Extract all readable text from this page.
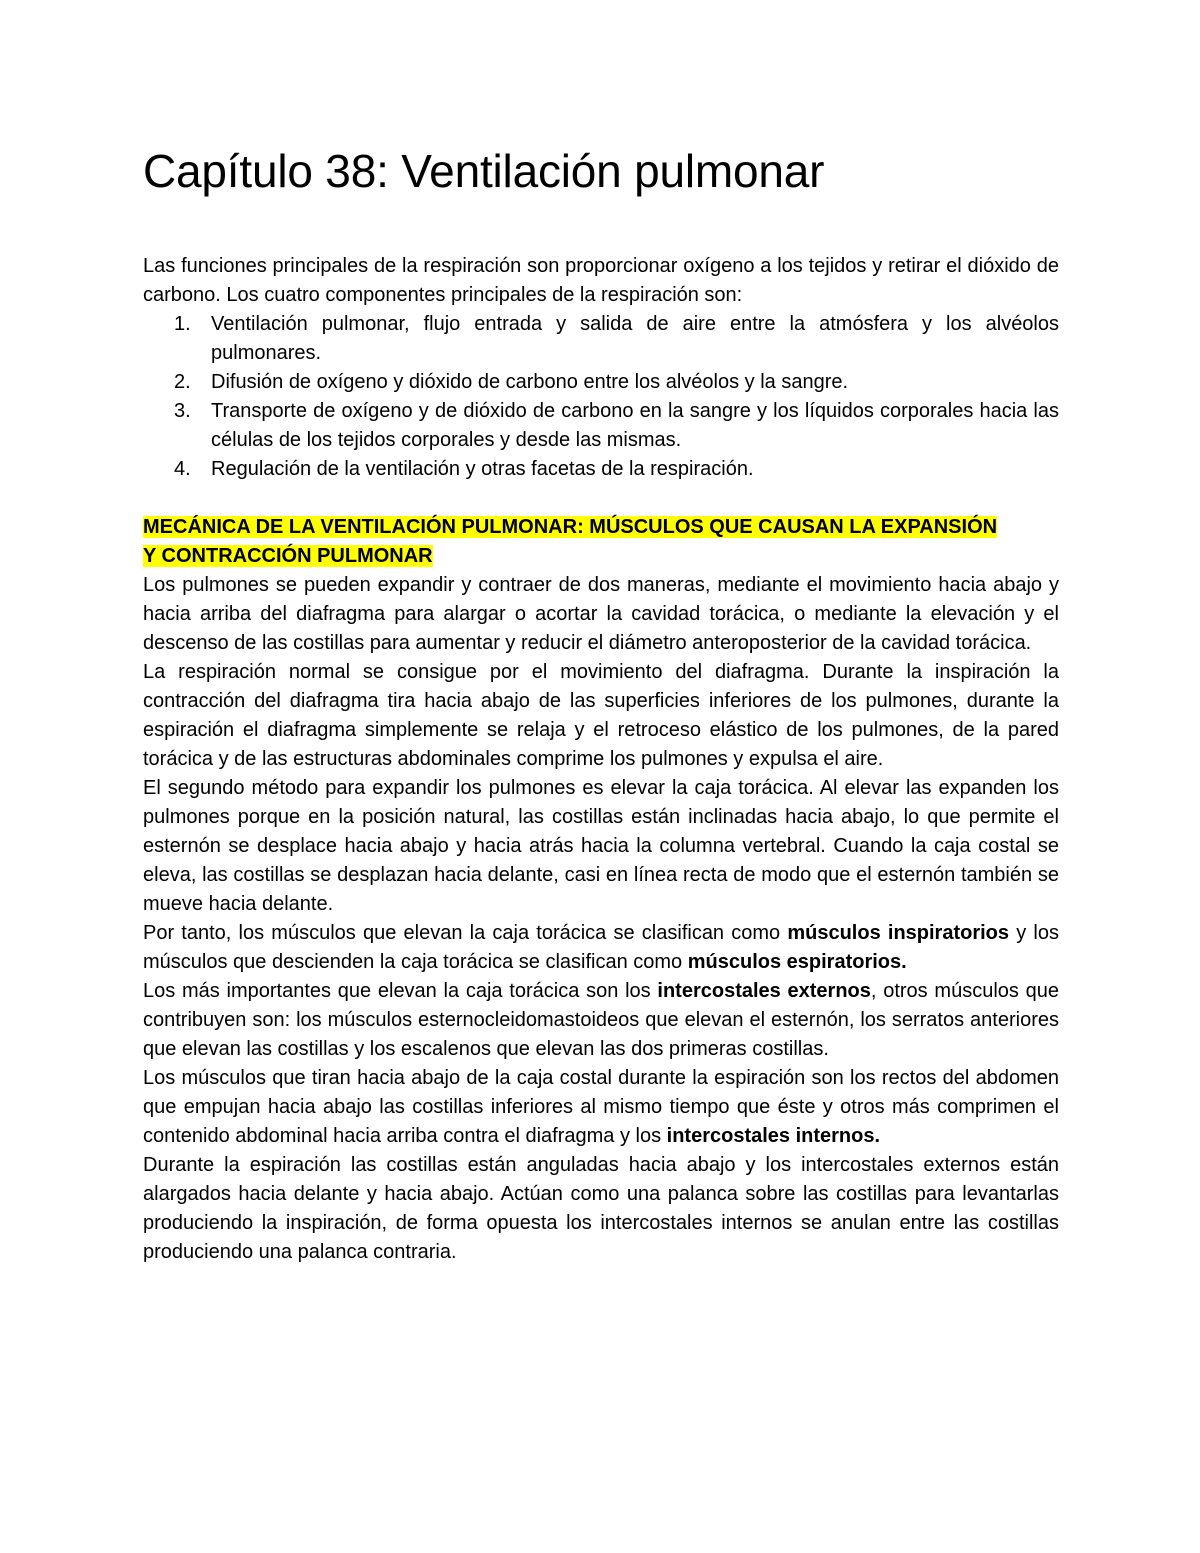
Capítulo 38: Ventilación pulmonar

Las funciones principales de la respiración son proporcionar oxígeno a los tejidos y retirar el dióxido de carbono. Los cuatro componentes principales de la respiración son:

1. Ventilación pulmonar, flujo entrada y salida de aire entre la atmósfera y los alvéolos pulmonares.
2. Difusión de oxígeno y dióxido de carbono entre los alvéolos y la sangre.
3. Transporte de oxígeno y de dióxido de carbono en la sangre y los líquidos corporales hacia las células de los tejidos corporales y desde las mismas.
4. Regulación de la ventilación y otras facetas de la respiración.
MECÁNICA DE LA VENTILACIÓN PULMONAR: MÚSCULOS QUE CAUSAN LA EXPANSIÓN
Y CONTRACCIÓN PULMONAR

Los pulmones se pueden expandir y contraer de dos maneras, mediante el movimiento hacia abajo y hacia arriba del diafragma para alargar o acortar la cavidad torácica, o mediante la elevación y el descenso de las costillas para aumentar y reducir el diámetro anteroposterior de la cavidad torácica.

La respiración normal se consigue por el movimiento del diafragma. Durante la inspiración la contracción del diafragma tira hacia abajo de las superficies inferiores de los pulmones, durante la espiración el diafragma simplemente se relaja y el retroceso elástico de los pulmones, de la pared torácica y de las estructuras abdominales comprime los pulmones y expulsa el aire.

El segundo método para expandir los pulmones es elevar la caja torácica. Al elevar las expanden los pulmones porque en la posición natural, las costillas están inclinadas hacia abajo, lo que permite el esternón se desplace hacia abajo y hacia atrás hacia la columna vertebral. Cuando la caja costal se eleva, las costillas se desplazan hacia delante, casi en línea recta de modo que el esternón también se mueve hacia delante.

Por tanto, los músculos que elevan la caja torácica se clasifican como músculos inspiratorios y los músculos que descienden la caja torácica se clasifican como músculos espiratorios.

Los más importantes que elevan la caja torácica son los intercostales externos, otros músculos que contribuyen son: los músculos esternocleidomastoideos que elevan el esternón, los serratos anteriores que elevan las costillas y los escalenos que elevan las dos primeras costillas.

Los músculos que tiran hacia abajo de la caja costal durante la espiración son los rectos del abdomen que empujan hacia abajo las costillas inferiores al mismo tiempo que éste y otros más comprimen el contenido abdominal hacia arriba contra el diafragma y los intercostales internos.

Durante la espiración las costillas están anguladas hacia abajo y los intercostales externos están alargados hacia delante y hacia abajo. Actúan como una palanca sobre las costillas para levantarlas produciendo la inspiración, de forma opuesta los intercostales internos se anulan entre las costillas produciendo una palanca contraria.
